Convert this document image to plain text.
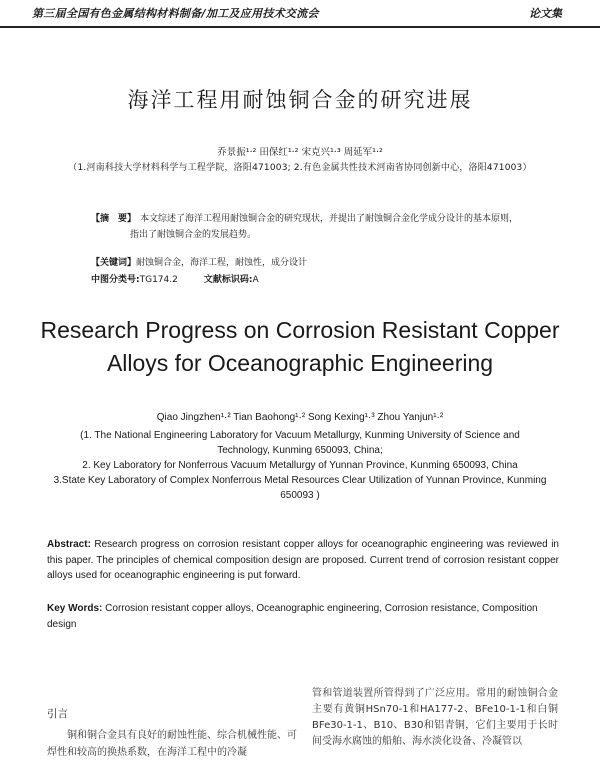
第三届全国有色金属结构材料制备/加工及应用技术交流会	论文集
海洋工程用耐蚀铜合金的研究进展
乔景振¹·² 田保红¹·² 宋克兴¹·³ 周延军¹·²
（1.河南科技大学材料科学与工程学院，洛阳471003; 2.有色金属共性技术河南省协同创新中心，洛阳471003）
【摘　要】 本文综述了海洋工程用耐蚀铜合金的研究现状，并提出了耐蚀铜合金化学成分设计的基本原则，
指出了耐蚀铜合金的发展趋势。
【关键词】耐蚀铜合金，海洋工程，耐蚀性，成分设计
中图分类号:TG174.2	文献标识码:A
Research Progress on Corrosion Resistant Copper
Alloys for Oceanographic Engineering
Qiao Jingzhen¹·² Tian Baohong¹·² Song Kexing¹·³ Zhou Yanjun¹·²
(1. The National Engineering Laboratory for Vacuum Metallurgy, Kunming University of Science and
Technology, Kunming 650093, China;
2. Key Laboratory for Nonferrous Vacuum Metallurgy of Yunnan Province, Kunming 650093, China
3.State Key Laboratory of Complex Nonferrous Metal Resources Clear Utilization of Yunnan Province, Kunming
650093 )
Abstract: Research progress on corrosion resistant copper alloys for oceanographic engineering was reviewed in this paper. The principles of chemical composition design are proposed. Current trend of corrosion resistant copper alloys used for oceanographic engineering is put forward.
Key Words: Corrosion resistant copper alloys, Oceanographic engineering, Corrosion resistance, Composition design
引言
铜和铜合金具有良好的耐蚀性能、综合机械性能、可焊性和较高的换热系数，在海洋工程中的冷凝
管和管道装置所管得到了广泛应用。常用的耐蚀铜合金主要有黄铜HSn70-1和HA177-2、BFe10-1-1和白铜BFe30-1-1、B10、B30和铝青铜，它们主要用于长时间受海水腐蚀的船舶、海水淡化设备、冷凝管以
